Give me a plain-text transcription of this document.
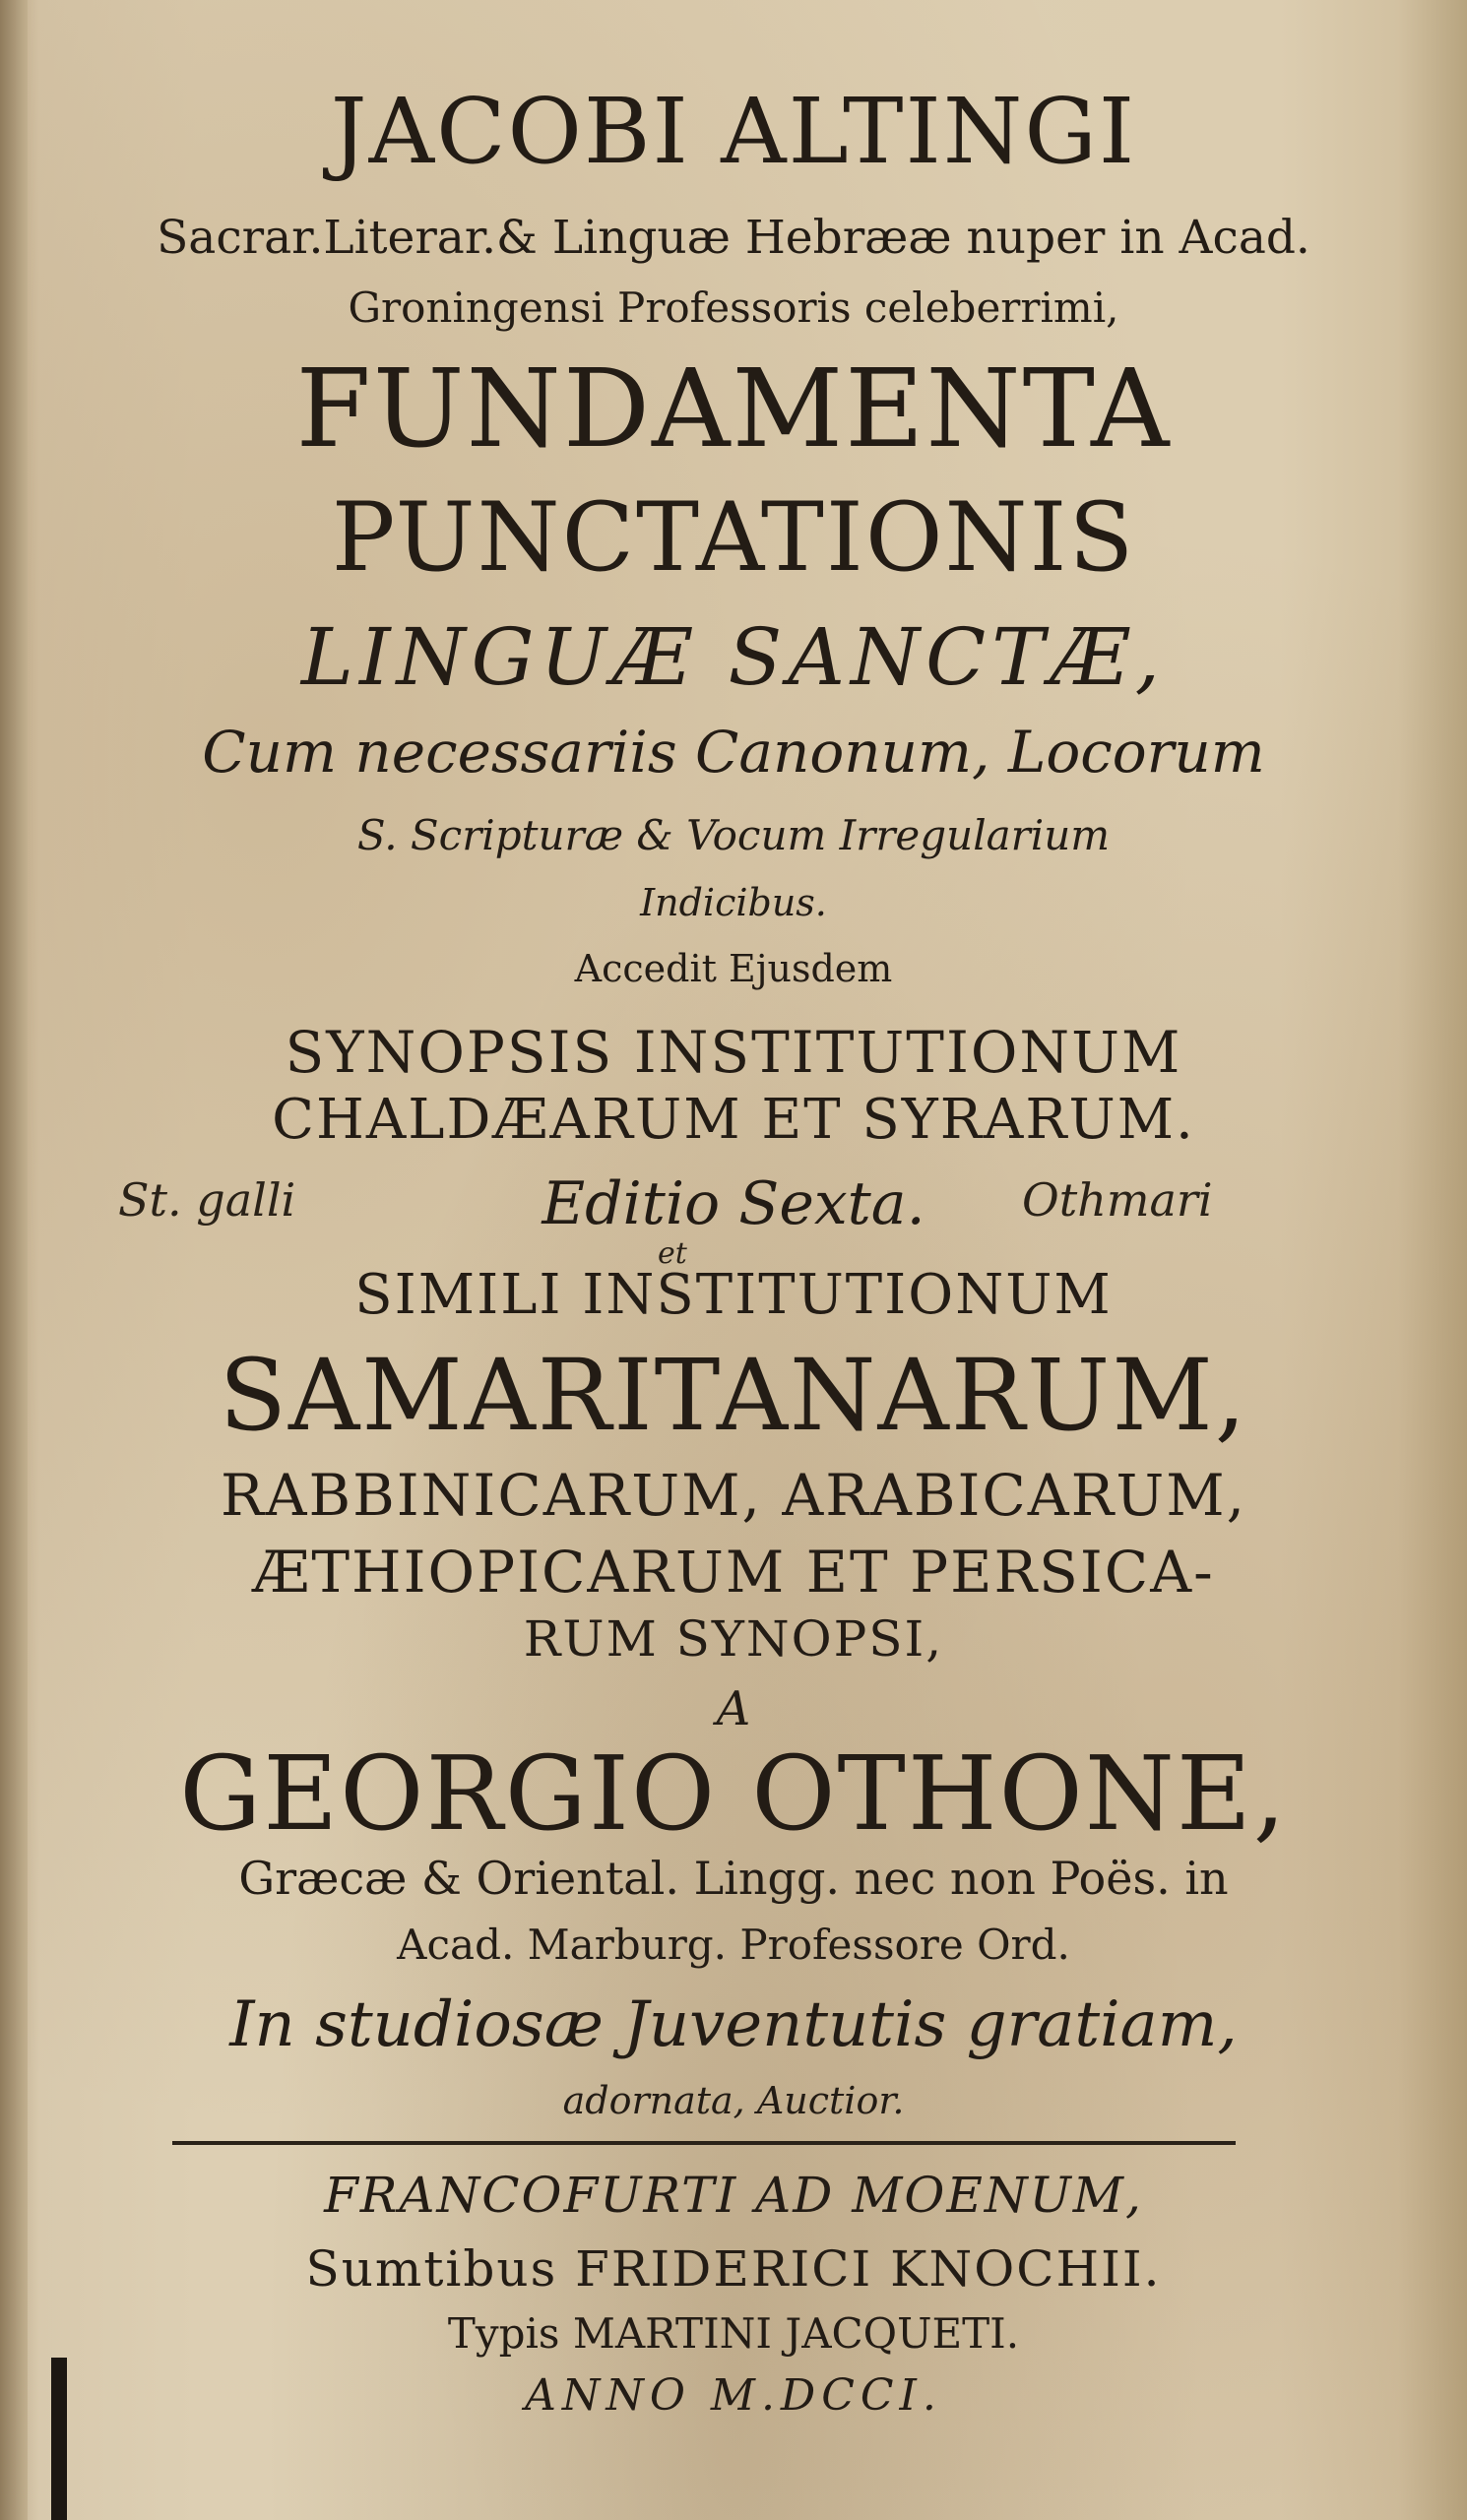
JACOBI ALTINGI
Sacrar.Literar.& Linguæ Hebrææ nuper in Acad.
Groningensi Professoris celeberrimi,
FUNDAMENTA
PUNCTATIONIS
LINGUÆ SANCTÆ,
Cum necessariis Canonum, Locorum
S. Scripturæ & Vocum Irregularium
Indicibus.
Accedit Ejusdem
SYNOPSIS INSTITUTIONUM
CHALDÆARUM ET SYRARUM.
Editio Sexta.
St. galli	Othmari
et
SIMILI INSTITUTIONUM
SAMARITANARUM,
RABBINICARUM, ARABICARUM,
ÆTHIOPICARUM ET PERSICA-
RUM SYNOPSI,
A
GEORGIO OTHONE,
Græcæ & Oriental. Lingg. nec non Poës. in
Acad. Marburg. Professore Ord.
In studiosæ Juventutis gratiam,
adornata, Auctior.
FRANCOFURTI AD MOENUM,
Sumtibus FRIDERICI KNOCHII.
Typis MARTINI JACQUETI.
ANNO M.DCCI.
